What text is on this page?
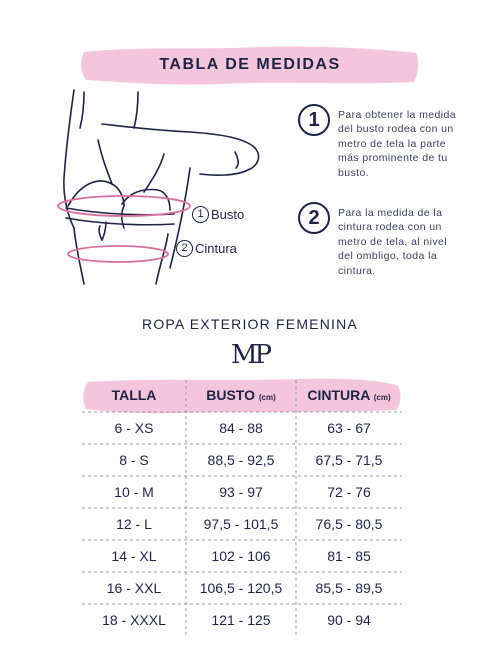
TABLA DE MEDIDAS
1 Busto
2 Cintura
1	Para obtener la medida del busto rodea con un metro de tela la parte más prominente de tu busto.
2	Para la medida de la cintura rodea con un metro de tela, al nivel del ombligo, toda la cintura.
ROPA EXTERIOR FEMENINA
MP
TALLA	BUSTO (cm)	CINTURA (cm)
6 - XS	84 - 88	63 - 67
8 - S	88,5 - 92,5	67,5 - 71,5
10 - M	93 - 97	72 - 76
12 - L	97,5 - 101,5	76,5 - 80,5
14 - XL	102 - 106	81 - 85
16 - XXL	106,5 - 120,5	85,5 - 89,5
18 - XXXL	121 - 125	90 - 94
